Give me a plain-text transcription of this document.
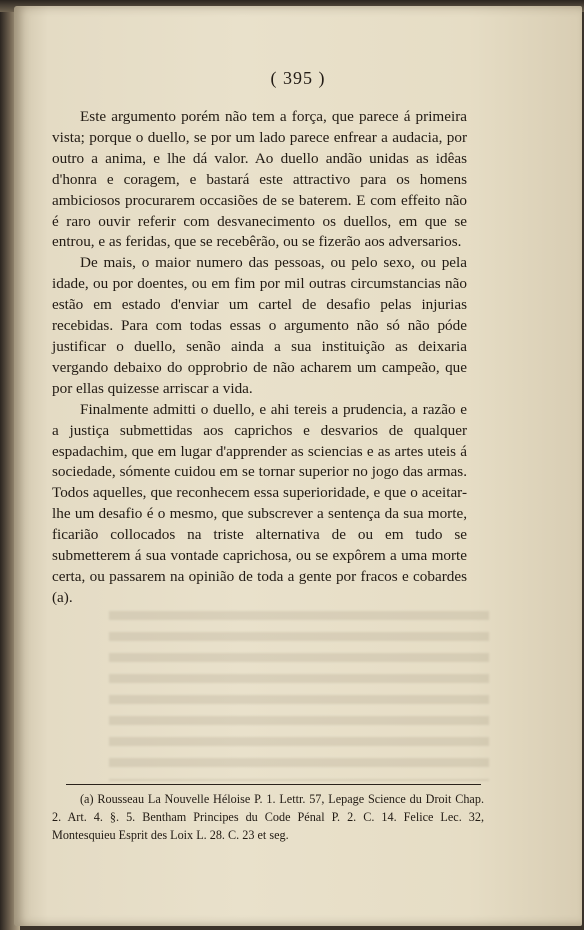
( 395 )

Este argumento porém não tem a força, que parece á primeira vista; porque o duello, se por um lado parece enfrear a audacia, por outro a anima, e lhe dá valor. Ao duello andão unidas as idêas d'honra e coragem, e bastará este attractivo para os homens ambiciosos procurarem occasiões de se baterem. E com effeito não é raro ouvir referir com desvanecimento os duellos, em que se entrou, e as feridas, que se recebêrão, ou se fizerão aos adversarios.

De mais, o maior numero das pessoas, ou pelo sexo, ou pela idade, ou por doentes, ou em fim por mil outras circumstancias não estão em estado d'enviar um cartel de desafio pelas injurias recebidas. Para com todas essas o argumento não só não póde justificar o duello, senão ainda a sua instituição as deixaria vergando debaixo do opprobrio de não acharem um campeão, que por ellas quizesse arriscar a vida.

Finalmente admitti o duello, e ahi tereis a prudencia, a razão e a justiça submettidas aos caprichos e desvarios de qualquer espadachim, que em lugar d'apprender as sciencias e as artes uteis á sociedade, sómente cuidou em se tornar superior no jogo das armas. Todos aquelles, que reconhecem essa superioridade, e que o aceitar-lhe um desafio é o mesmo, que subscrever a sentença da sua morte, ficarião collocados na triste alternativa de ou em tudo se submetterem á sua vontade caprichosa, ou se expôrem a uma morte certa, ou passarem na opinião de toda a gente por fracos e cobardes (a).

(a) Rousseau La Nouvelle Héloise P. 1. Lettr. 57, Lepage Science du Droit Chap. 2. Art. 4. §. 5. Bentham Principes du Code Pénal P. 2. C. 14. Felice Lec. 32, Montesquieu Esprit des Loix L. 28. C. 23 et seg.
